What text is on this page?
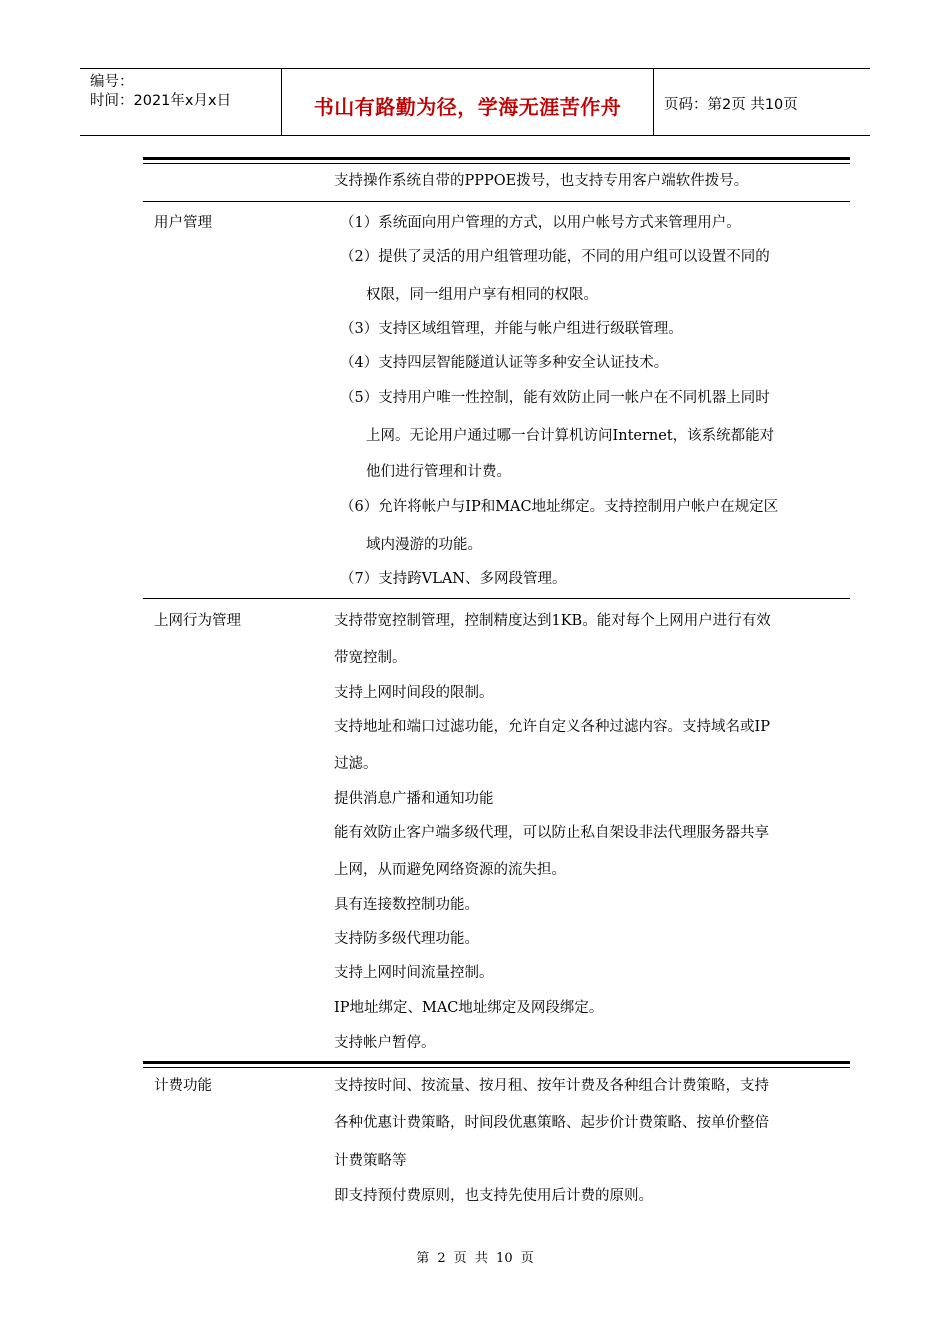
编号：
时间：2021年x月x日	书山有路勤为径，学海无涯苦作舟	页码：第2页 共10页
支持操作系统自带的PPPOE拨号，也支持专用客户端软件拨号。
用户管理	（1）系统面向用户管理的方式，以用户帐号方式来管理用户。
（2）提供了灵活的用户组管理功能，不同的用户组可以设置不同的
权限，同一组用户享有相同的权限。
（3）支持区域组管理，并能与帐户组进行级联管理。
（4）支持四层智能隧道认证等多种安全认证技术。
（5）支持用户唯一性控制，能有效防止同一帐户在不同机器上同时
上网。无论用户通过哪一台计算机访问Internet，该系统都能对
他们进行管理和计费。
（6）允许将帐户与IP和MAC地址绑定。支持控制用户帐户在规定区
域内漫游的功能。
（7）支持跨VLAN、多网段管理。
上网行为管理	支持带宽控制管理，控制精度达到1KB。能对每个上网用户进行有效
带宽控制。
支持上网时间段的限制。
支持地址和端口过滤功能，允许自定义各种过滤内容。支持域名或IP
过滤。
提供消息广播和通知功能
能有效防止客户端多级代理，可以防止私自架设非法代理服务器共享
上网，从而避免网络资源的流失担。
具有连接数控制功能。
支持防多级代理功能。
支持上网时间流量控制。
IP地址绑定、MAC地址绑定及网段绑定。
支持帐户暂停。
计费功能	支持按时间、按流量、按月租、按年计费及各种组合计费策略，支持
各种优惠计费策略，时间段优惠策略、起步价计费策略、按单价整倍
计费策略等
即支持预付费原则，也支持先使用后计费的原则。
第 2 页 共 10 页
